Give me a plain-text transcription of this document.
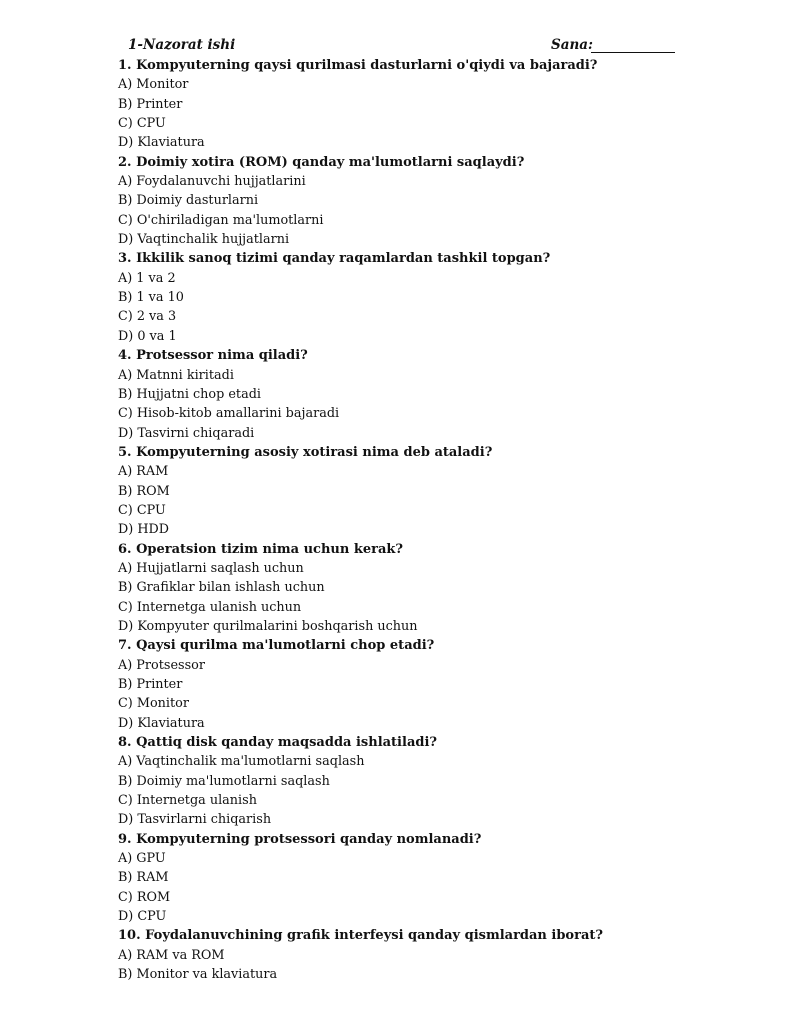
1-Nazorat ishi	Sana:
1. Kompyuterning qaysi qurilmasi dasturlarni o'qiydi va bajaradi?
A) Monitor
B) Printer
C) CPU
D) Klaviatura
2. Doimiy xotira (ROM) qanday ma'lumotlarni saqlaydi?
A) Foydalanuvchi hujjatlarini
B) Doimiy dasturlarni
C) O'chiriladigan ma'lumotlarni
D) Vaqtinchalik hujjatlarni
3. Ikkilik sanoq tizimi qanday raqamlardan tashkil topgan?
A) 1 va 2
B) 1 va 10
C) 2 va 3
D) 0 va 1
4. Protsessor nima qiladi?
A) Matnni kiritadi
B) Hujjatni chop etadi
C) Hisob-kitob amallarini bajaradi
D) Tasvirni chiqaradi
5. Kompyuterning asosiy xotirasi nima deb ataladi?
A) RAM
B) ROM
C) CPU
D) HDD
6. Operatsion tizim nima uchun kerak?
A) Hujjatlarni saqlash uchun
B) Grafiklar bilan ishlash uchun
C) Internetga ulanish uchun
D) Kompyuter qurilmalarini boshqarish uchun
7. Qaysi qurilma ma'lumotlarni chop etadi?
A) Protsessor
B) Printer
C) Monitor
D) Klaviatura
8. Qattiq disk qanday maqsadda ishlatiladi?
A) Vaqtinchalik ma'lumotlarni saqlash
B) Doimiy ma'lumotlarni saqlash
C) Internetga ulanish
D) Tasvirlarni chiqarish
9. Kompyuterning protsessori qanday nomlanadi?
A) GPU
B) RAM
C) ROM
D) CPU
10. Foydalanuvchining grafik interfeysi qanday qismlardan iborat?
A) RAM va ROM
B) Monitor va klaviatura
